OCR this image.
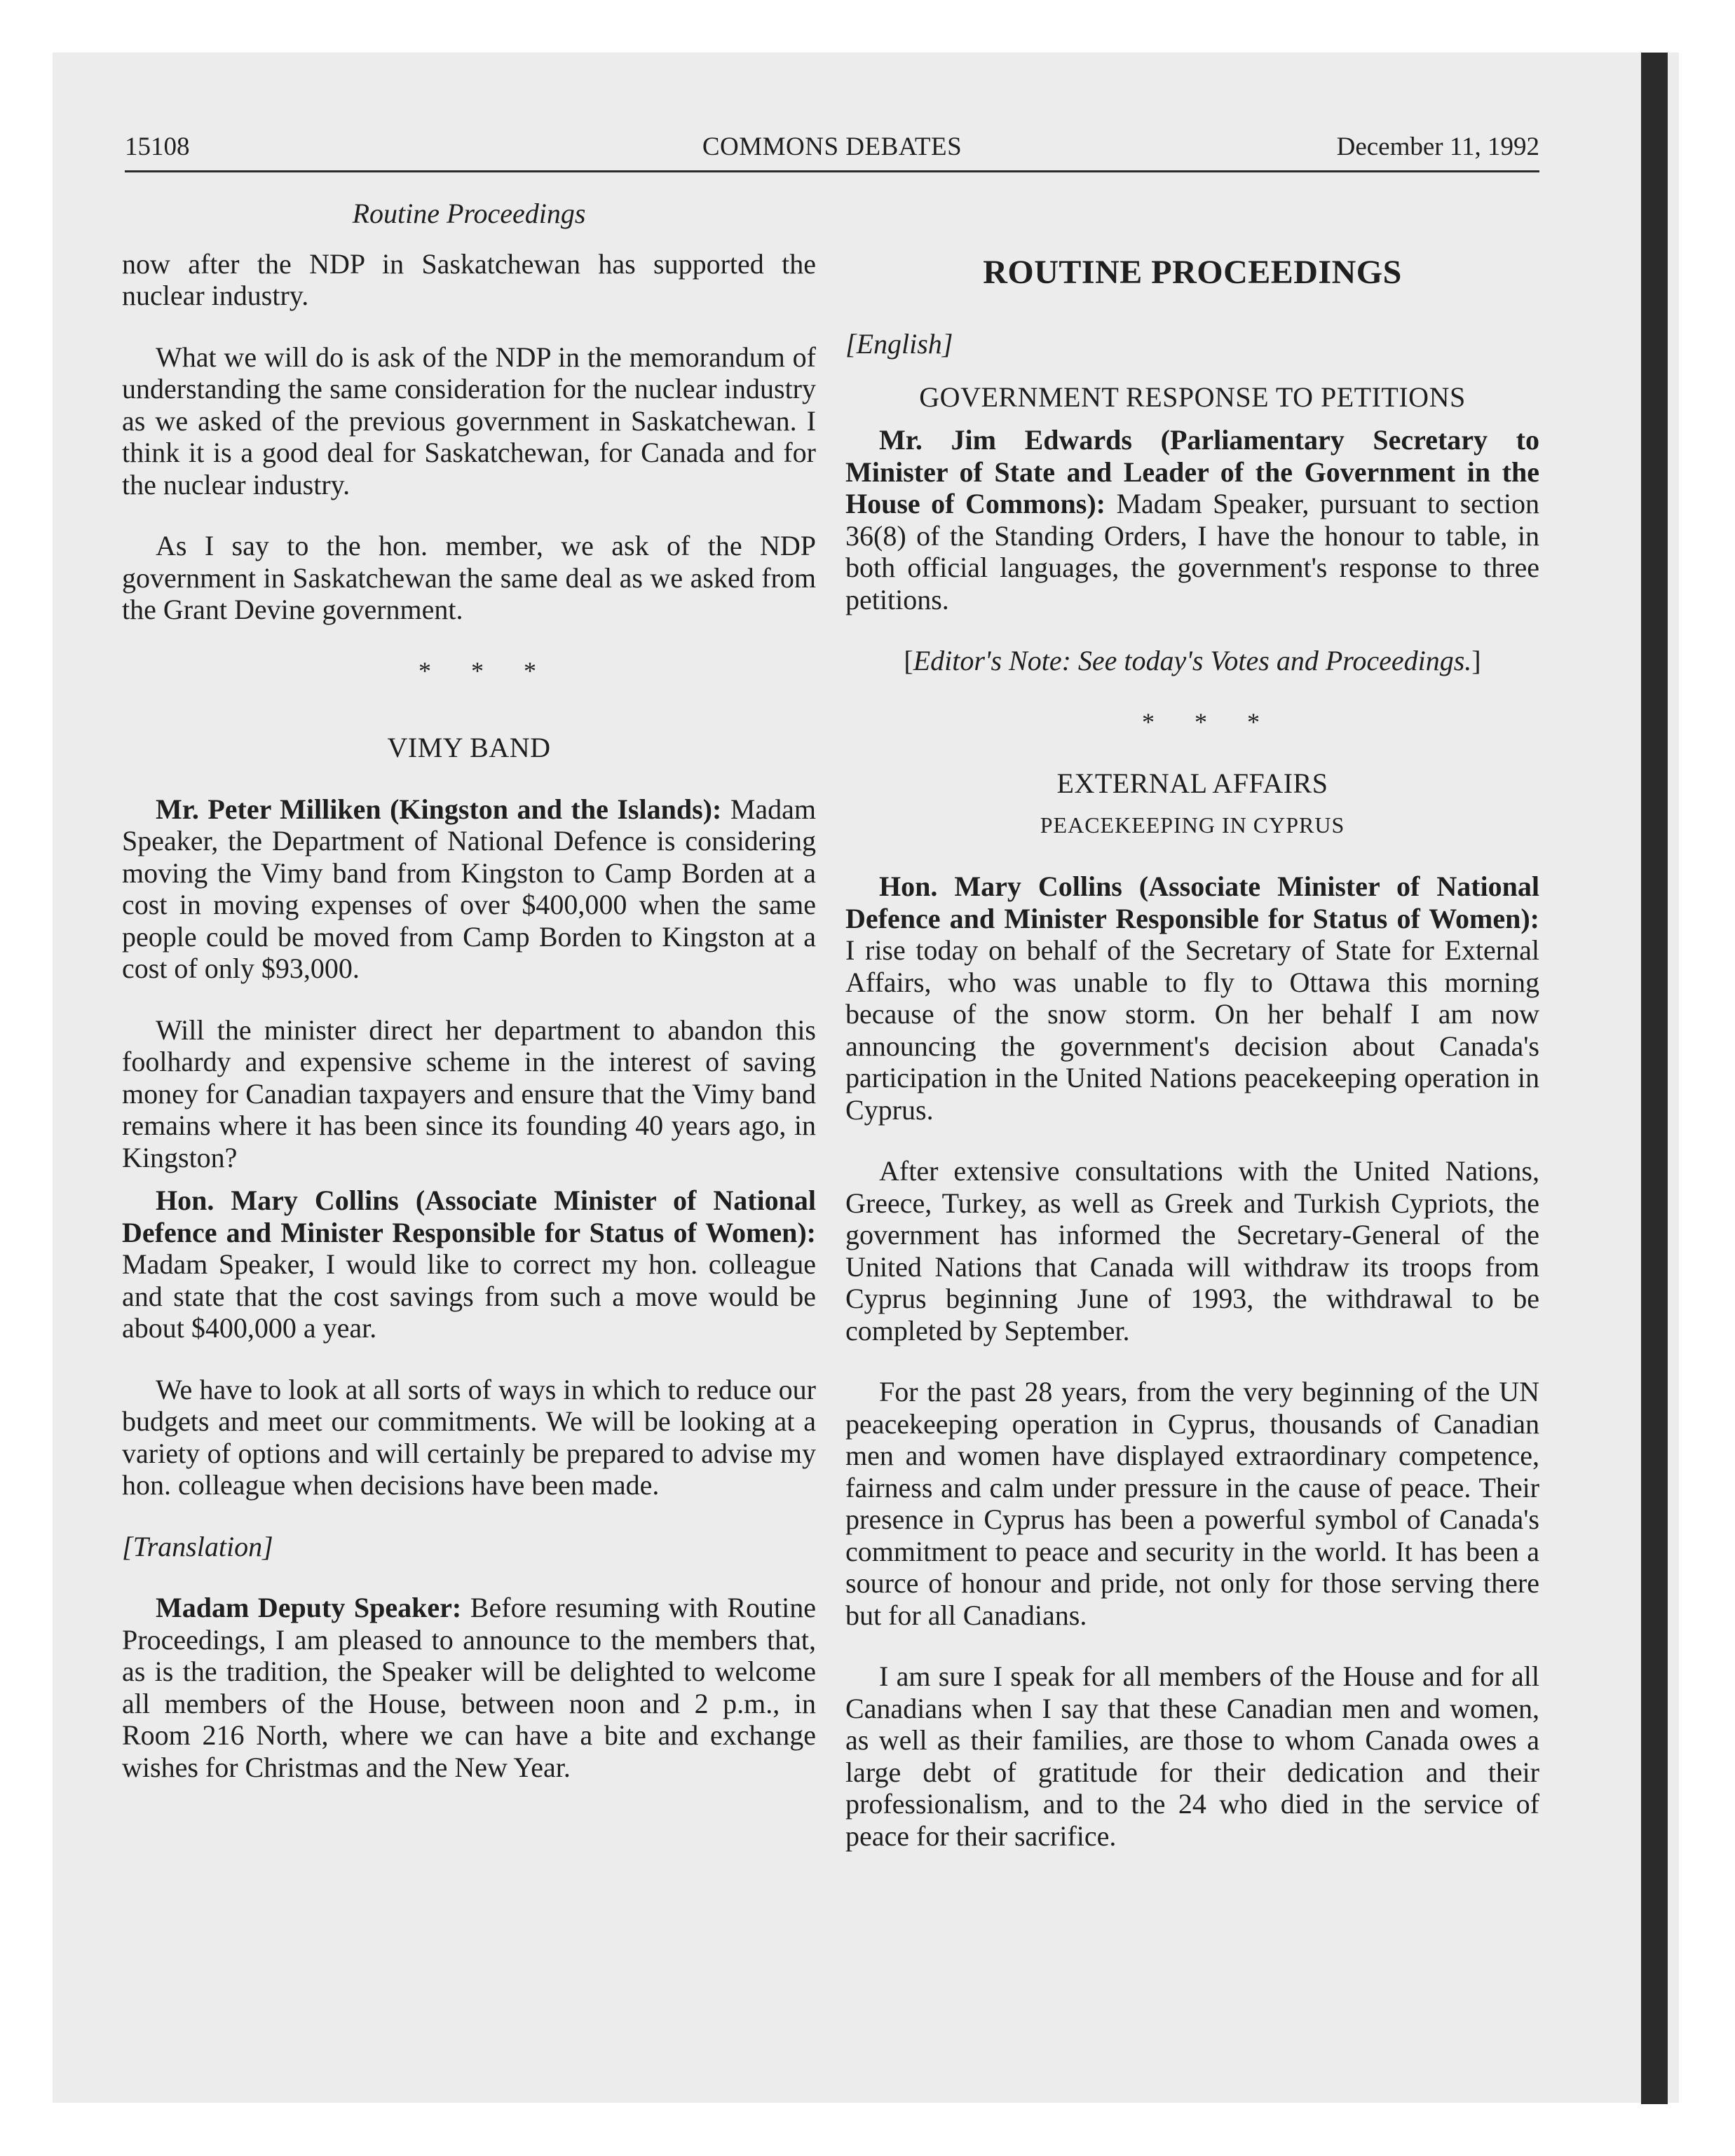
15108	COMMONS DEBATES	December 11, 1992

Routine Proceedings

now after the NDP in Saskatchewan has supported the nuclear industry.

What we will do is ask of the NDP in the memorandum of understanding the same consideration for the nuclear industry as we asked of the previous government in Saskatchewan. I think it is a good deal for Saskatchewan, for Canada and for the nuclear industry.

As I say to the hon. member, we ask of the NDP government in Saskatchewan the same deal as we asked from the Grant Devine government.

* * *

VIMY BAND

Mr. Peter Milliken (Kingston and the Islands): Madam Speaker, the Department of National Defence is considering moving the Vimy band from Kingston to Camp Borden at a cost in moving expenses of over $400,000 when the same people could be moved from Camp Borden to Kingston at a cost of only $93,000.

Will the minister direct her department to abandon this foolhardy and expensive scheme in the interest of saving money for Canadian taxpayers and ensure that the Vimy band remains where it has been since its founding 40 years ago, in Kingston?

Hon. Mary Collins (Associate Minister of National Defence and Minister Responsible for Status of Women): Madam Speaker, I would like to correct my hon. colleague and state that the cost savings from such a move would be about $400,000 a year.

We have to look at all sorts of ways in which to reduce our budgets and meet our commitments. We will be looking at a variety of options and will certainly be prepared to advise my hon. colleague when decisions have been made.

[Translation]

Madam Deputy Speaker: Before resuming with Routine Proceedings, I am pleased to announce to the members that, as is the tradition, the Speaker will be delighted to welcome all members of the House, between noon and 2 p.m., in Room 216 North, where we can have a bite and exchange wishes for Christmas and the New Year.

ROUTINE PROCEEDINGS

[English]

GOVERNMENT RESPONSE TO PETITIONS

Mr. Jim Edwards (Parliamentary Secretary to Minister of State and Leader of the Government in the House of Commons): Madam Speaker, pursuant to section 36(8) of the Standing Orders, I have the honour to table, in both official languages, the government's response to three petitions.

[Editor's Note: See today's Votes and Proceedings.]

* * *

EXTERNAL AFFAIRS

PEACEKEEPING IN CYPRUS

Hon. Mary Collins (Associate Minister of National Defence and Minister Responsible for Status of Women): I rise today on behalf of the Secretary of State for External Affairs, who was unable to fly to Ottawa this morning because of the snow storm. On her behalf I am now announcing the government's decision about Canada's participation in the United Nations peacekeeping operation in Cyprus.

After extensive consultations with the United Nations, Greece, Turkey, as well as Greek and Turkish Cypriots, the government has informed the Secretary-General of the United Nations that Canada will withdraw its troops from Cyprus beginning June of 1993, the withdrawal to be completed by September.

For the past 28 years, from the very beginning of the UN peacekeeping operation in Cyprus, thousands of Canadian men and women have displayed extraordinary competence, fairness and calm under pressure in the cause of peace. Their presence in Cyprus has been a powerful symbol of Canada's commitment to peace and security in the world. It has been a source of honour and pride, not only for those serving there but for all Canadians.

I am sure I speak for all members of the House and for all Canadians when I say that these Canadian men and women, as well as their families, are those to whom Canada owes a large debt of gratitude for their dedication and their professionalism, and to the 24 who died in the service of peace for their sacrifice.
